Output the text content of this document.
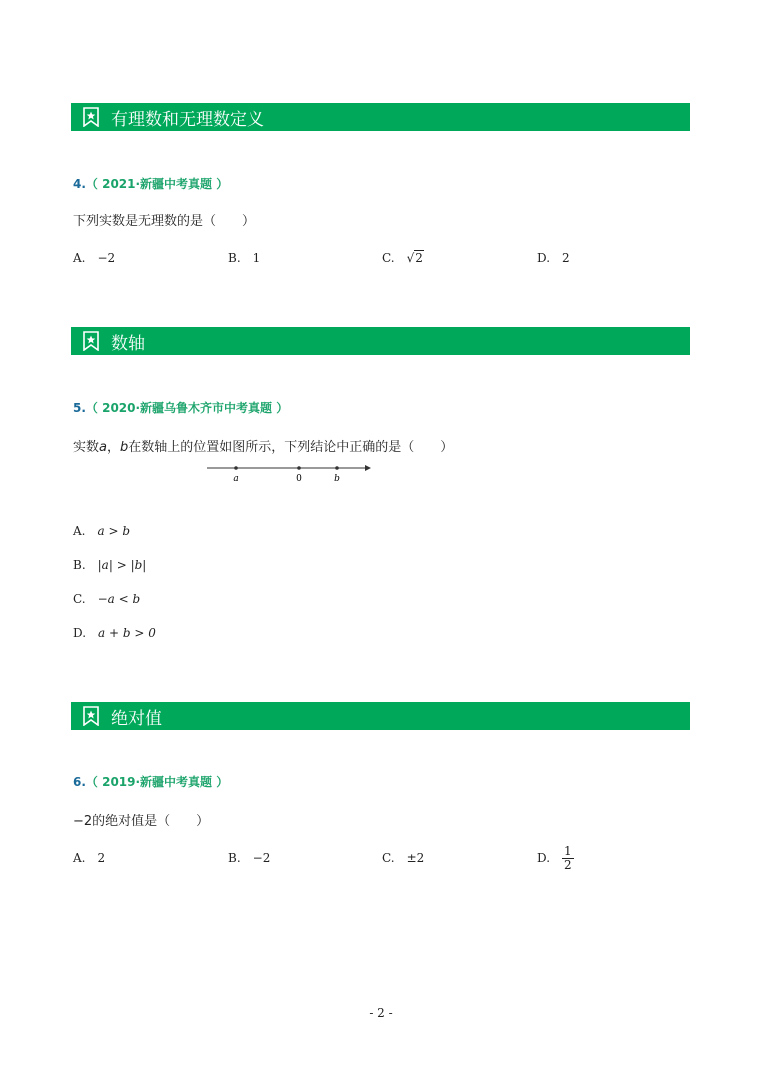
有理数和无理数定义
4.（ 2021·新疆中考真题 ）
下列实数是无理数的是（　　）
A. −2	B. 1	C. √2	D. 2
数轴
5.（ 2020·新疆乌鲁木齐市中考真题 ）
实数a，b在数轴上的位置如图所示，下列结论中正确的是（　　）
a	0	b
A. a > b
B. |a| > |b|
C. −a < b
D. a + b > 0
绝对值
6.（ 2019·新疆中考真题 ）
−2的绝对值是（　　）
A. 2	B. −2	C. ±2	D. $\frac{1}{2}$
- 2 -
